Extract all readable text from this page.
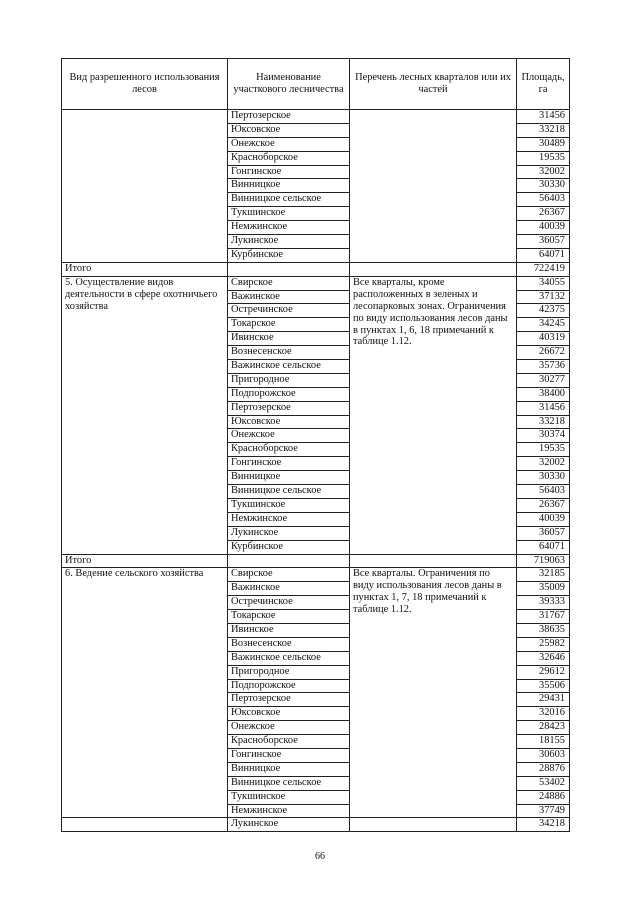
Вид разрешенного использования лесов	Наименование участкового лесничества	Перечень лесных кварталов или их частей	Площадь, га
	Пертозерское		31456
	Юксовское		33218
	Онежское		30489
	Красноборское		19535
	Гонгинское		32002
	Винницкое		30330
	Винницкое сельское		56403
	Тукшинское		26367
	Немжинское		40039
	Лукинское		36057
	Курбинское		64071
Итого			722419
5. Осуществление видов деятельности в сфере охотничьего хозяйства	Свирское	Все кварталы, кроме расположенных в зеленых и лесопарковых зонах. Ограничения по виду использования лесов даны в пунктах 1, 6, 18 примечаний к таблице 1.12.	34055
	Важинское		37132
	Остречинское		42375
	Токарское		34245
	Ивинское		40319
	Вознесенское		26672
	Важинское сельское		35736
	Пригородное		30277
	Подпорожское		38400
	Пертозерское		31456
	Юксовское		33218
	Онежское		30374
	Красноборское		19535
	Гонгинское		32002
	Винницкое		30330
	Винницкое сельское		56403
	Тукшинское		26367
	Немжинское		40039
	Лукинское		36057
	Курбинское		64071
Итого			719063
6. Ведение сельского хозяйства	Свирское	Все кварталы. Ограничения по виду использования лесов даны в пунктах 1, 7, 18 примечаний к таблице 1.12.	32185
	Важинское		35009
	Остречинское		39333
	Токарское		31767
	Ивинское		38635
	Вознесенское		25982
	Важинское сельское		32646
	Пригородное		29612
	Подпорожское		35506
	Пертозерское		29431
	Юксовское		32016
	Онежское		28423
	Красноборское		18155
	Гонгинское		30603
	Винницкое		28876
	Винницкое сельское		53402
	Тукшинское		24886
	Немжинское		37749
	Лукинское		34218
66
